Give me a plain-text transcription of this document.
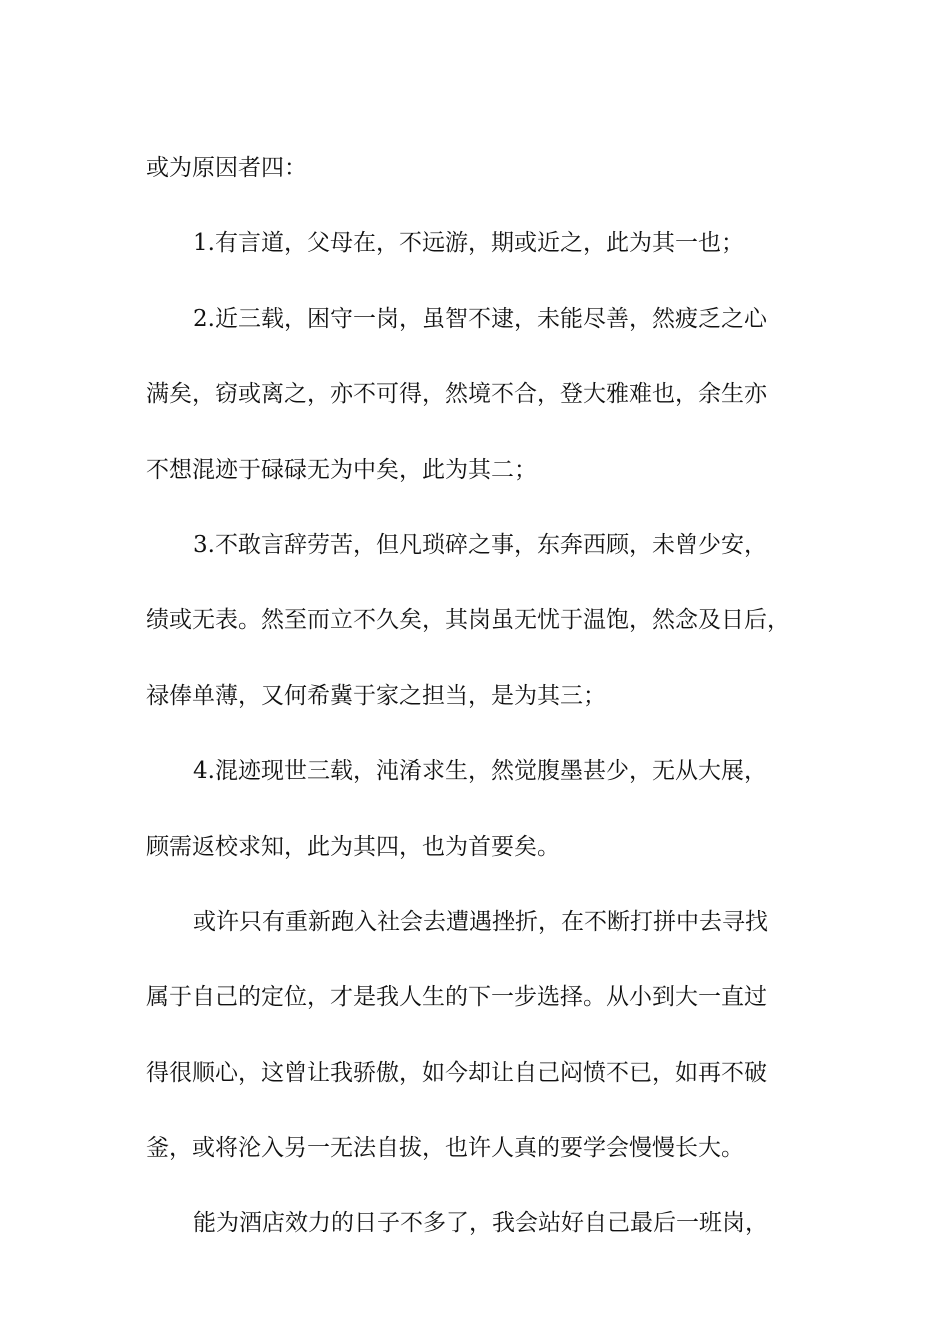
或为原因者四：
1.有言道，父母在，不远游，期或近之，此为其一也；
2.近三载，困守一岗，虽智不逮，未能尽善，然疲乏之心
满矣，窃或离之，亦不可得，然境不合，登大雅难也，余生亦
不想混迹于碌碌无为中矣，此为其二；
3.不敢言辞劳苦，但凡琐碎之事，东奔西顾，未曾少安，
绩或无表。然至而立不久矣，其岗虽无忧于温饱，然念及日后，
禄俸单薄，又何希冀于家之担当，是为其三；
4.混迹现世三载，沌淆求生，然觉腹墨甚少，无从大展，
顾需返校求知，此为其四，也为首要矣。
或许只有重新跑入社会去遭遇挫折，在不断打拼中去寻找
属于自己的定位，才是我人生的下一步选择。从小到大一直过
得很顺心，这曾让我骄傲，如今却让自己闷愤不已，如再不破
釜，或将沦入另一无法自拔，也许人真的要学会慢慢长大。
能为酒店效力的日子不多了，我会站好自己最后一班岗，
